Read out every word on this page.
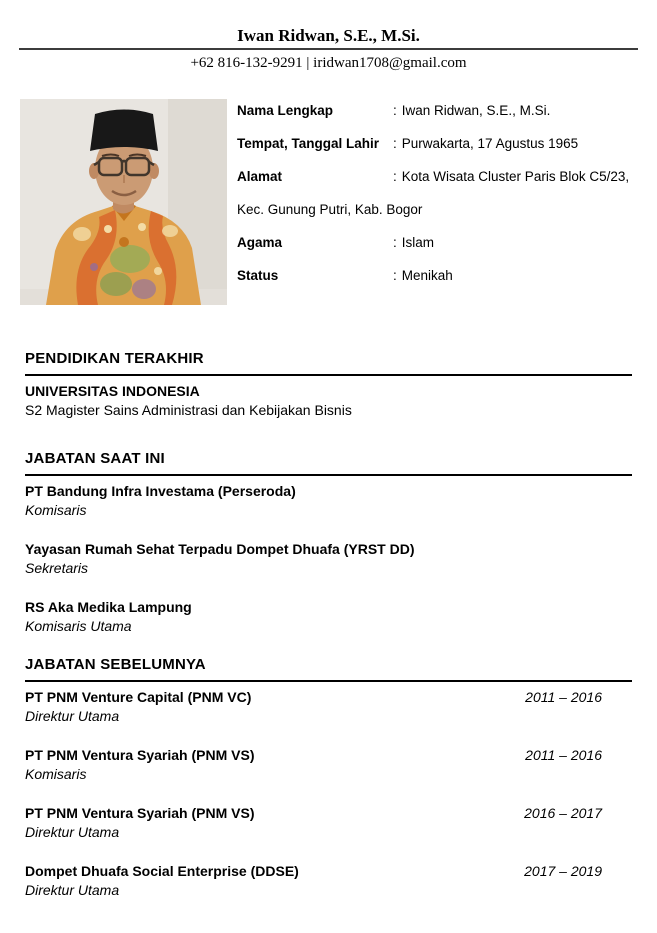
Iwan Ridwan, S.E., M.Si.
+62 816-132-9291 | iridwan1708@gmail.com
Nama Lengkap	: Iwan Ridwan, S.E., M.Si.
Tempat, Tanggal Lahir	: Purwakarta, 17 Agustus 1965
Alamat	: Kota Wisata Cluster Paris Blok C5/23,
Kec. Gunung Putri, Kab. Bogor
Agama	: Islam
Status	: Menikah
PENDIDIKAN TERAKHIR
UNIVERSITAS INDONESIA
S2 Magister Sains Administrasi dan Kebijakan Bisnis
JABATAN SAAT INI
PT Bandung Infra Investama (Perseroda)
Komisaris
Yayasan Rumah Sehat Terpadu Dompet Dhuafa (YRST DD)
Sekretaris
RS Aka Medika Lampung
Komisaris Utama
JABATAN SEBELUMNYA
PT PNM Venture Capital (PNM VC)	2011 – 2016
Direktur Utama
PT PNM Ventura Syariah (PNM VS)	2011 – 2016
Komisaris
PT PNM Ventura Syariah (PNM VS)	2016 – 2017
Direktur Utama
Dompet Dhuafa Social Enterprise (DDSE)	2017 – 2019
Direktur Utama
